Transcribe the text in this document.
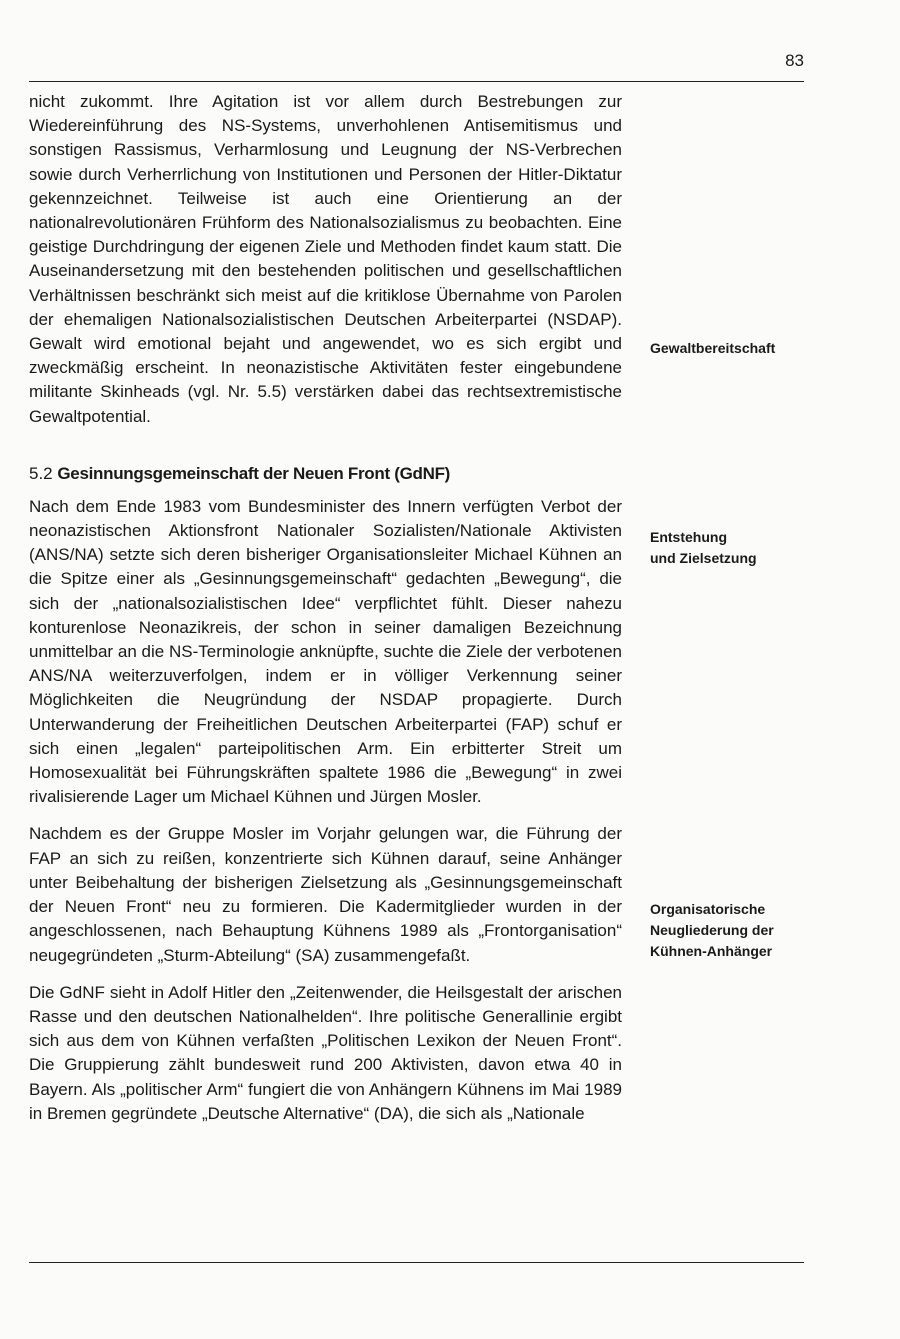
83

nicht zukommt. Ihre Agitation ist vor allem durch Bestrebungen zur Wiedereinführung des NS-Systems, unverhohlenen Antisemitismus und sonstigen Rassismus, Verharmlosung und Leugnung der NS-Verbrechen sowie durch Verherrlichung von Institutionen und Personen der Hitler-Diktatur gekennzeichnet. Teilweise ist auch eine Orientierung an der nationalrevolutionären Frühform des Nationalsozialismus zu beobachten. Eine geistige Durchdringung der eigenen Ziele und Methoden findet kaum statt. Die Auseinandersetzung mit den bestehenden politischen und gesellschaftlichen Verhältnissen beschränkt sich meist auf die kritiklose Übernahme von Parolen der ehemaligen Nationalsozialistischen Deutschen Arbeiterpartei (NSDAP). Gewalt wird emotional bejaht und angewendet, wo es sich ergibt und zweckmäßig erscheint. In neonazistische Aktivitäten fester eingebundene militante Skinheads (vgl. Nr. 5.5) verstärken dabei das rechtsextremistische Gewaltpotential.

5.2 Gesinnungsgemeinschaft der Neuen Front (GdNF)

Nach dem Ende 1983 vom Bundesminister des Innern verfügten Verbot der neonazistischen Aktionsfront Nationaler Sozialisten/Nationale Aktivisten (ANS/NA) setzte sich deren bisheriger Organisationsleiter Michael Kühnen an die Spitze einer als „Gesinnungsgemeinschaft“ gedachten „Bewegung“, die sich der „nationalsozialistischen Idee“ verpflichtet fühlt. Dieser nahezu konturenlose Neonazikreis, der schon in seiner damaligen Bezeichnung unmittelbar an die NS-Terminologie anknüpfte, suchte die Ziele der verbotenen ANS/NA weiterzuverfolgen, indem er in völliger Verkennung seiner Möglichkeiten die Neugründung der NSDAP propagierte. Durch Unterwanderung der Freiheitlichen Deutschen Arbeiterpartei (FAP) schuf er sich einen „legalen“ parteipolitischen Arm. Ein erbitterter Streit um Homosexualität bei Führungskräften spaltete 1986 die „Bewegung“ in zwei rivalisierende Lager um Michael Kühnen und Jürgen Mosler.

Nachdem es der Gruppe Mosler im Vorjahr gelungen war, die Führung der FAP an sich zu reißen, konzentrierte sich Kühnen darauf, seine Anhänger unter Beibehaltung der bisherigen Zielsetzung als „Gesinnungsgemeinschaft der Neuen Front“ neu zu formieren. Die Kadermitglieder wurden in der angeschlossenen, nach Behauptung Kühnens 1989 als „Frontorganisation“ neugegründeten „Sturm-Abteilung“ (SA) zusammengefaßt.

Die GdNF sieht in Adolf Hitler den „Zeitenwender, die Heilsgestalt der arischen Rasse und den deutschen Nationalhelden“. Ihre politische Generallinie ergibt sich aus dem von Kühnen verfaßten „Politischen Lexikon der Neuen Front“. Die Gruppierung zählt bundesweit rund 200 Aktivisten, davon etwa 40 in Bayern. Als „politischer Arm“ fungiert die von Anhängern Kühnens im Mai 1989 in Bremen gegründete „Deutsche Alternative“ (DA), die sich als „Nationale

Gewaltbereitschaft
Entstehung
und Zielsetzung
Organisatorische
Neugliederung der
Kühnen-Anhänger
